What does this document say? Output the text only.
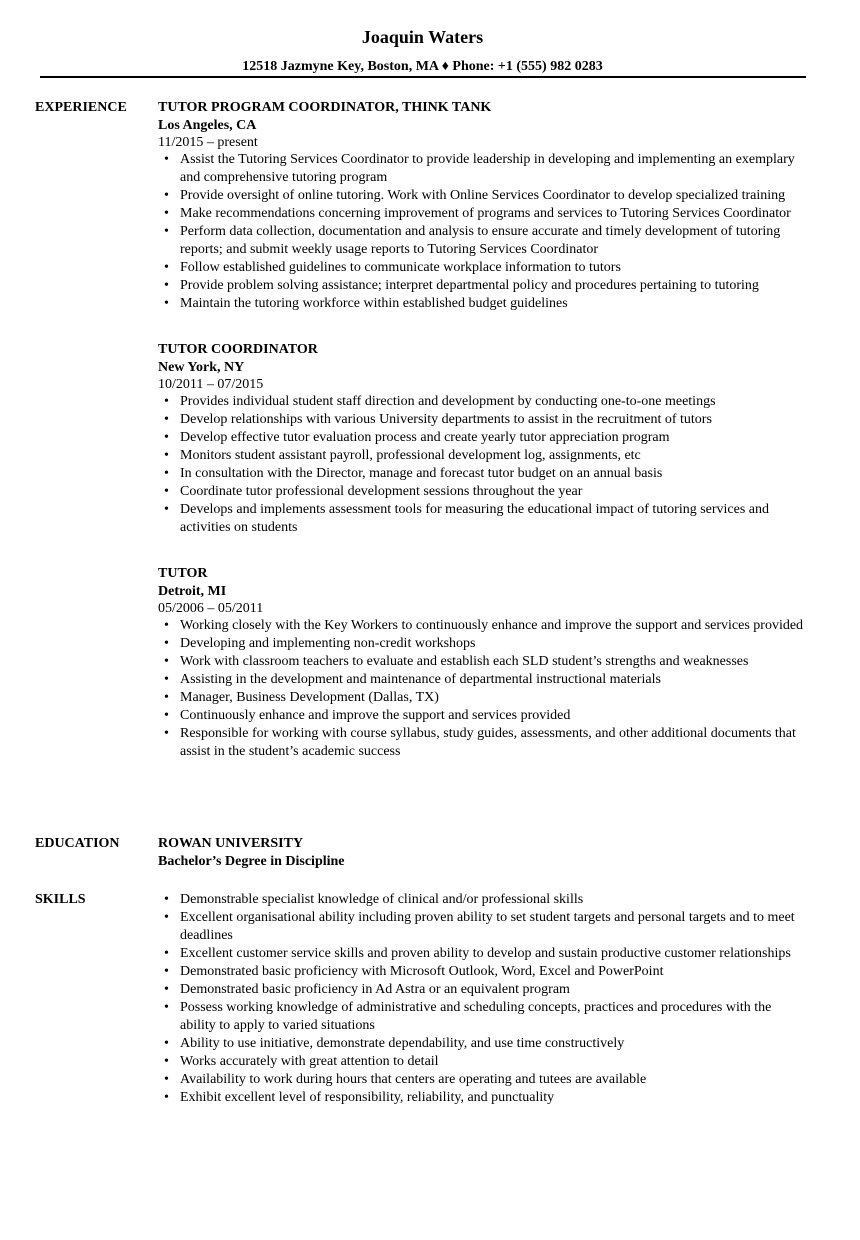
Joaquin Waters
12518 Jazmyne Key, Boston, MA ♦ Phone: +1 (555) 982 0283
EXPERIENCE TUTOR PROGRAM COORDINATOR, THINK TANK
Los Angeles, CA
11/2015 – present
• Assist the Tutoring Services Coordinator to provide leadership in developing and implementing an exemplary and comprehensive tutoring program
• Provide oversight of online tutoring. Work with Online Services Coordinator to develop specialized training
• Make recommendations concerning improvement of programs and services to Tutoring Services Coordinator
• Perform data collection, documentation and analysis to ensure accurate and timely development of tutoring reports; and submit weekly usage reports to Tutoring Services Coordinator
• Follow established guidelines to communicate workplace information to tutors
• Provide problem solving assistance; interpret departmental policy and procedures pertaining to tutoring
• Maintain the tutoring workforce within established budget guidelines
TUTOR COORDINATOR
New York, NY
10/2011 – 07/2015
• Provides individual student staff direction and development by conducting one-to-one meetings
• Develop relationships with various University departments to assist in the recruitment of tutors
• Develop effective tutor evaluation process and create yearly tutor appreciation program
• Monitors student assistant payroll, professional development log, assignments, etc
• In consultation with the Director, manage and forecast tutor budget on an annual basis
• Coordinate tutor professional development sessions throughout the year
• Develops and implements assessment tools for measuring the educational impact of tutoring services and activities on students
TUTOR
Detroit, MI
05/2006 – 05/2011
• Working closely with the Key Workers to continuously enhance and improve the support and services provided
• Developing and implementing non-credit workshops
• Work with classroom teachers to evaluate and establish each SLD student’s strengths and weaknesses
• Assisting in the development and maintenance of departmental instructional materials
• Manager, Business Development (Dallas, TX)
• Continuously enhance and improve the support and services provided
• Responsible for working with course syllabus, study guides, assessments, and other additional documents that assist in the student’s academic success
EDUCATION	ROWAN UNIVERSITY
Bachelor’s Degree in Discipline
SKILLS
•	Demonstrable specialist knowledge of clinical and/or professional skills
• Excellent organisational ability including proven ability to set student targets and personal targets and to meet deadlines
• Excellent customer service skills and proven ability to develop and sustain productive customer relationships
• Demonstrated basic proficiency with Microsoft Outlook, Word, Excel and PowerPoint
• Demonstrated basic proficiency in Ad Astra or an equivalent program
• Possess working knowledge of administrative and scheduling concepts, practices and procedures with the ability to apply to varied situations
• Ability to use initiative, demonstrate dependability, and use time constructively
• Works accurately with great attention to detail
• Availability to work during hours that centers are operating and tutees are available
• Exhibit excellent level of responsibility, reliability, and punctuality
